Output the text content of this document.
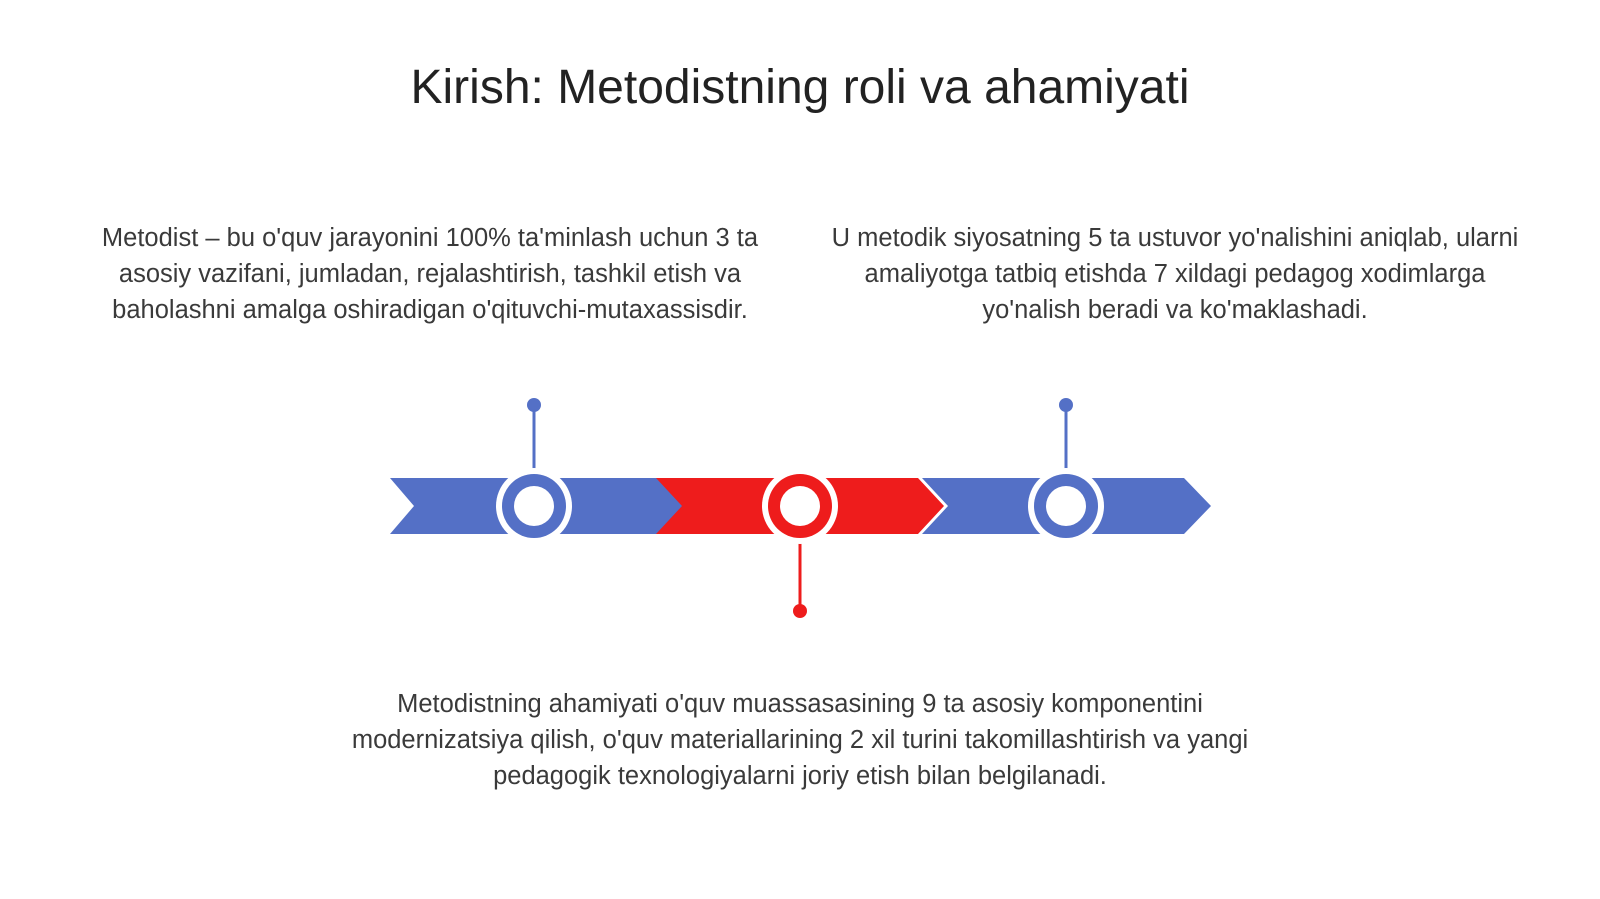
Kirish: Metodistning roli va ahamiyati

Metodist – bu o'quv jarayonini 100% ta'minlash uchun 3 ta asosiy vazifani, jumladan, rejalashtirish, tashkil etish va baholashni amalga oshiradigan o'qituvchi-mutaxassisdir.

U metodik siyosatning 5 ta ustuvor yo'nalishini aniqlab, ularni amaliyotga tatbiq etishda 7 xildagi pedagog xodimlarga yo'nalish beradi va ko'maklashadi.

Metodistning ahamiyati o'quv muassasasining 9 ta asosiy komponentini modernizatsiya qilish, o'quv materiallarining 2 xil turini takomillashtirish va yangi pedagogik texnologiyalarni joriy etish bilan belgilanadi.
